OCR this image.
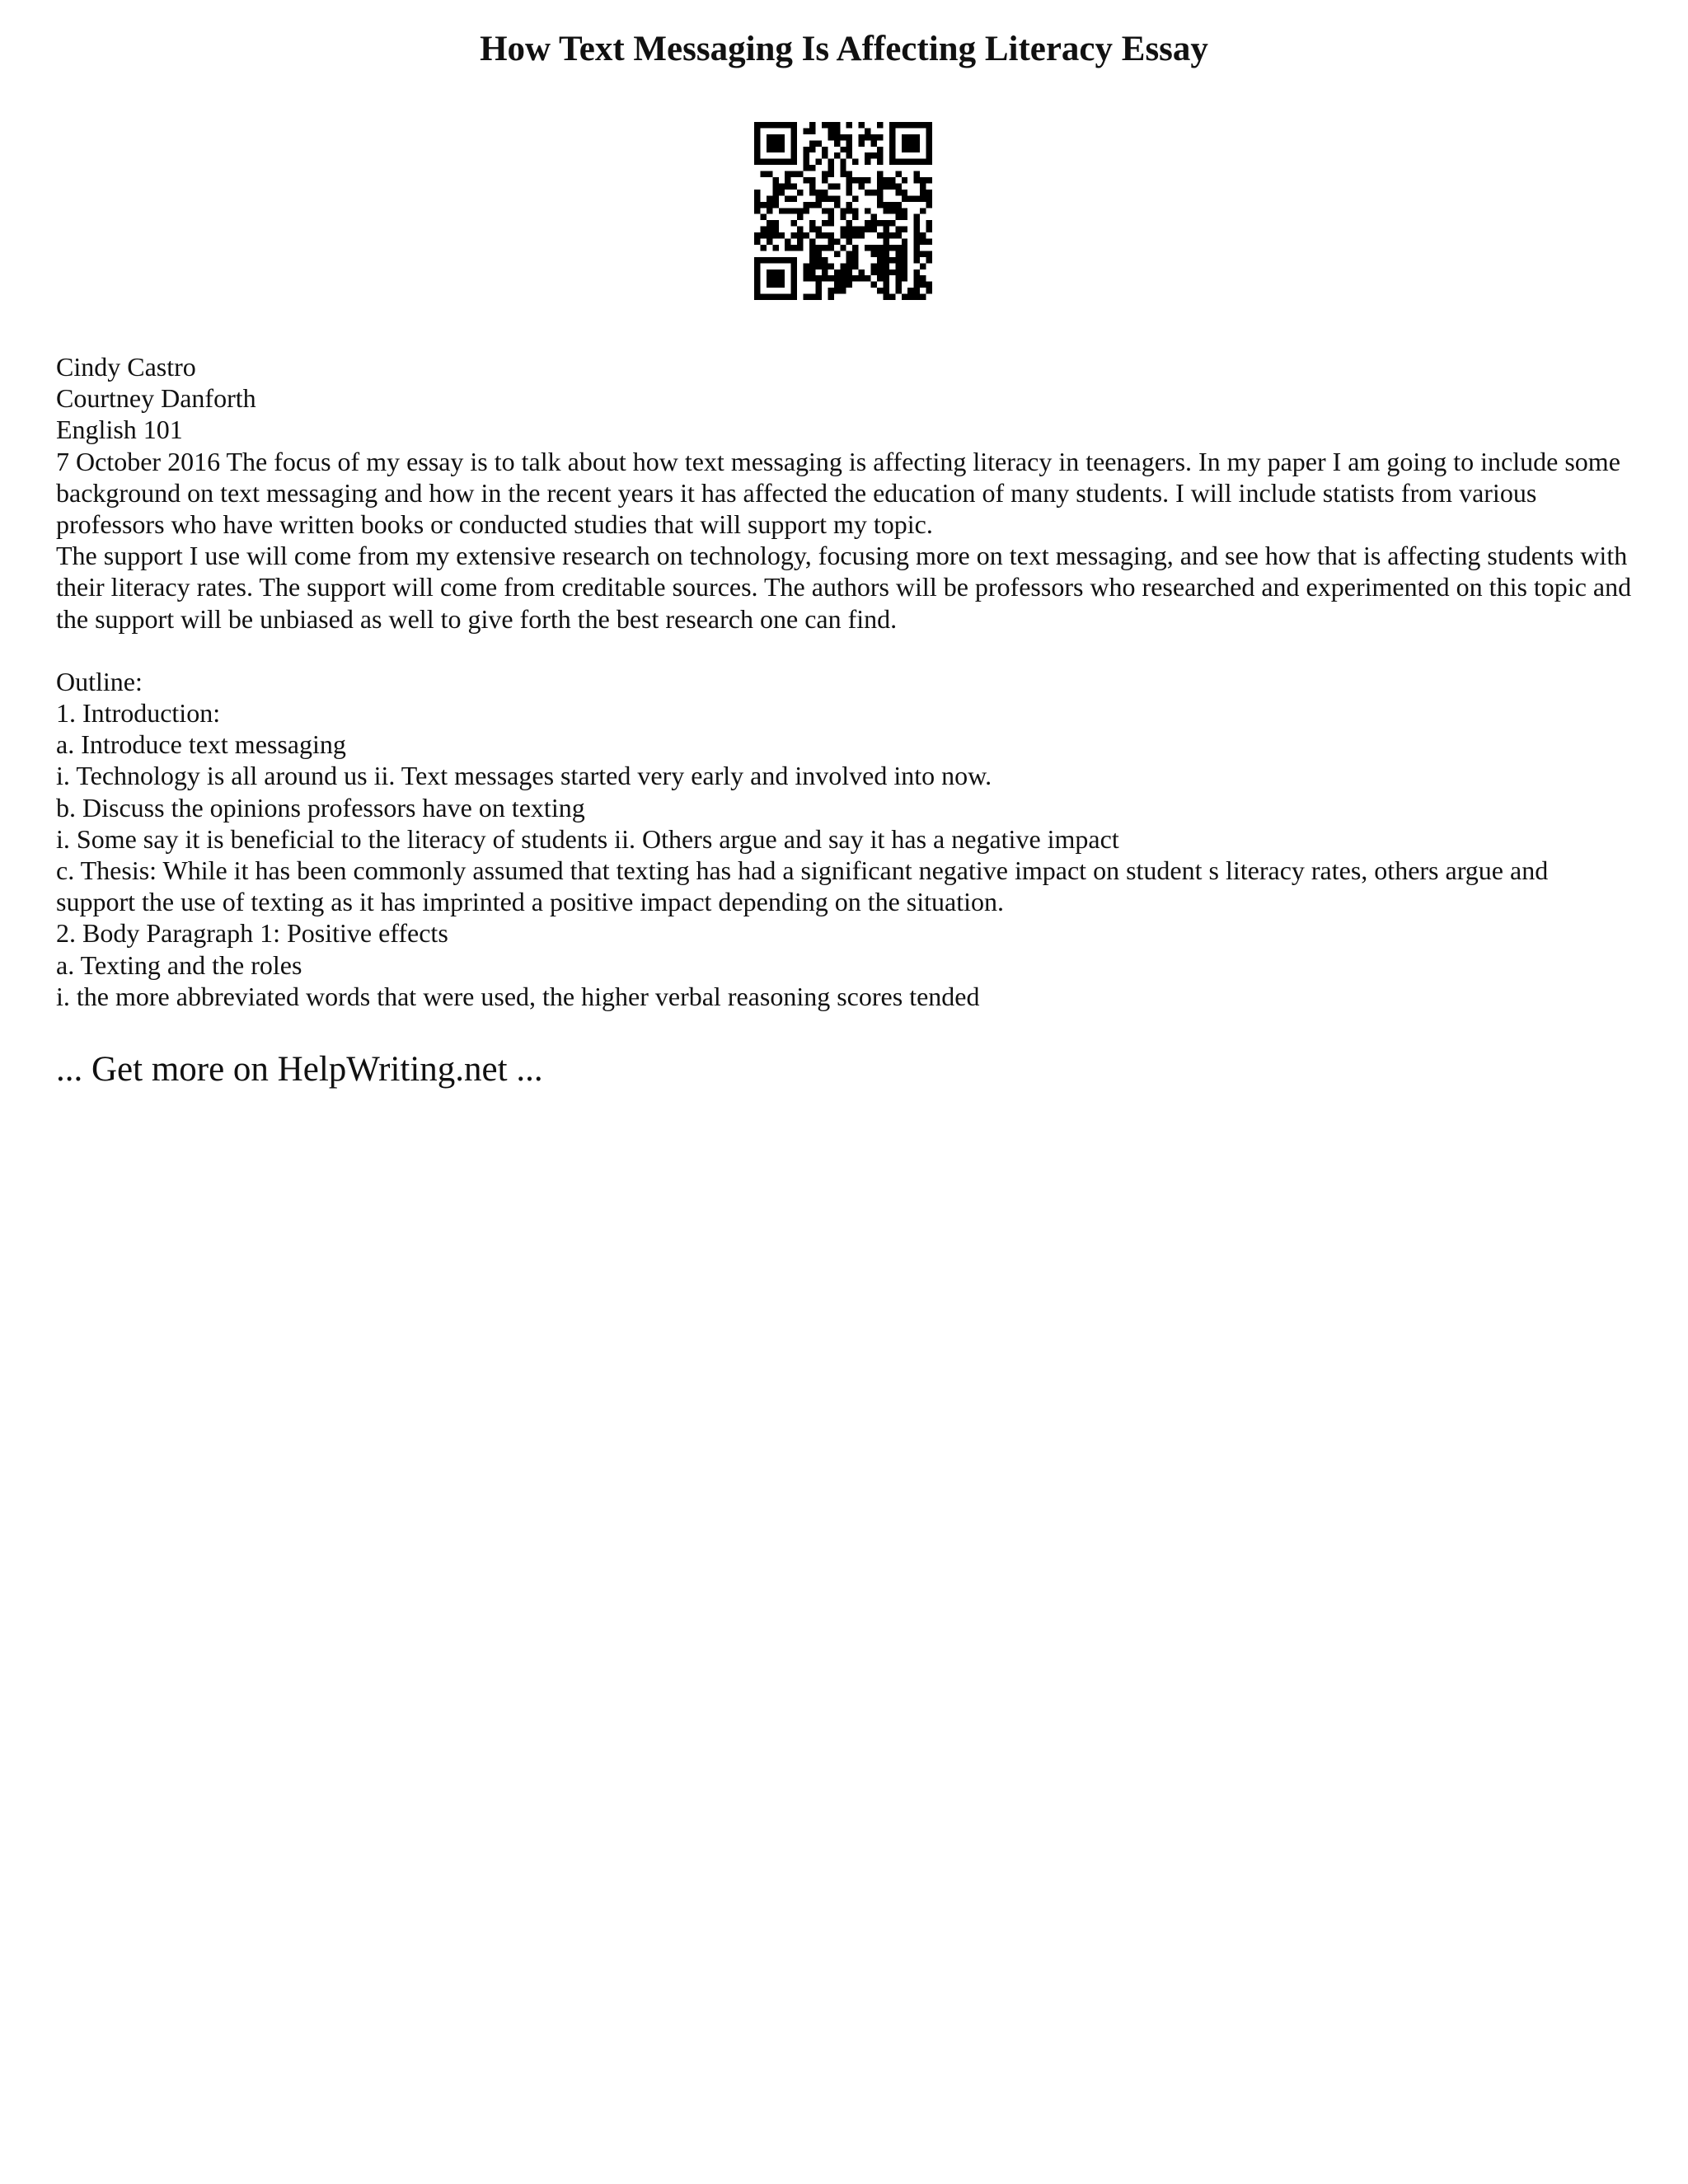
How Text Messaging Is Affecting Literacy Essay
Cindy Castro
Courtney Danforth
English 101
7 October 2016 The focus of my essay is to talk about how text messaging is affecting literacy in teenagers. In my paper I am going to include some background on text messaging and how in the recent years it has affected the education of many students. I will include statists from various professors who have written books or conducted studies that will support my topic.
The support I use will come from my extensive research on technology, focusing more on text messaging, and see how that is affecting students with their literacy rates. The support will come from creditable sources. The authors will be professors who researched and experimented on this topic and the support will be unbiased as well to give forth the best research one can find.
Outline:
1. Introduction:
a. Introduce text messaging
i. Technology is all around us ii. Text messages started very early and involved into now.
b. Discuss the opinions professors have on texting
i. Some say it is beneficial to the literacy of students ii. Others argue and say it has a negative impact
c. Thesis: While it has been commonly assumed that texting has had a significant negative impact on student s literacy rates, others argue and support the use of texting as it has imprinted a positive impact depending on the situation.
2. Body Paragraph 1: Positive effects
a. Texting and the roles
i. the more abbreviated words that were used, the higher verbal reasoning scores tended
... Get more on HelpWriting.net ...
